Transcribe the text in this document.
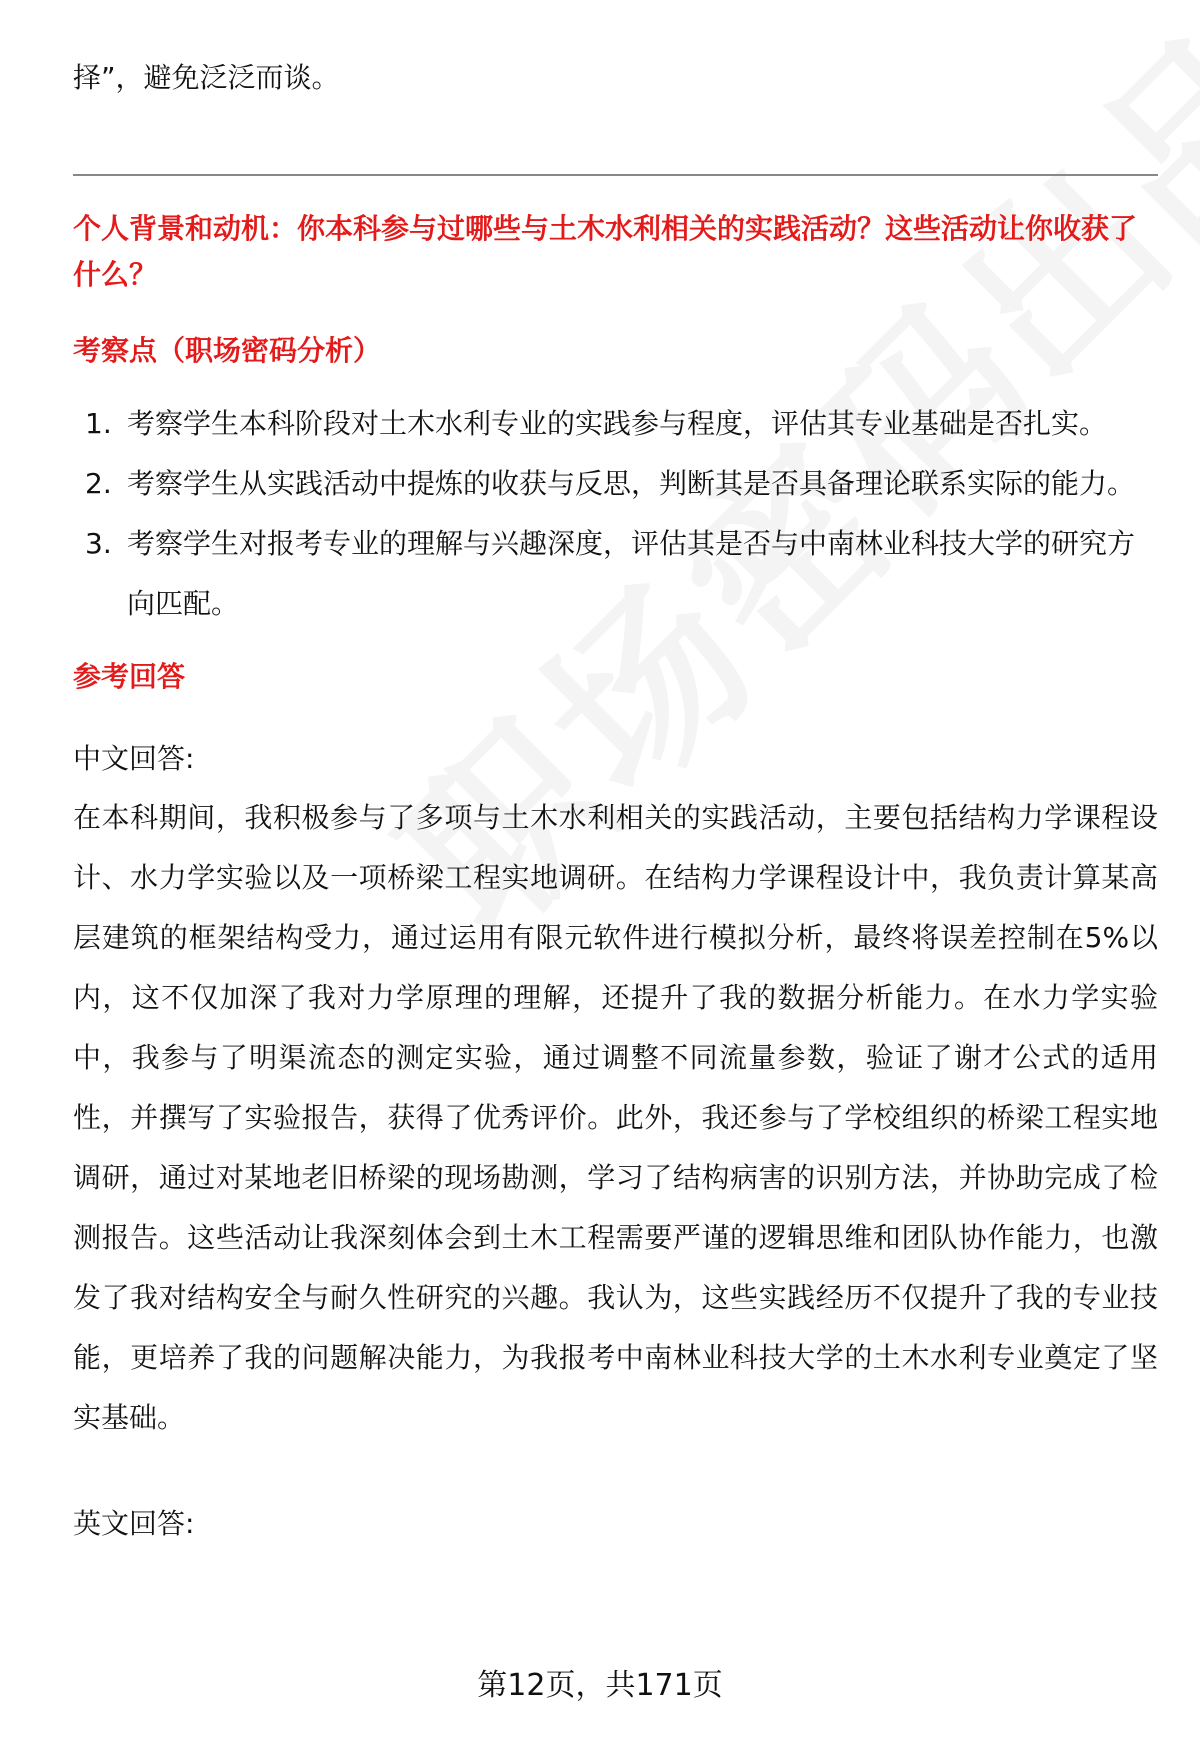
择”，避免泛泛而谈。

个人背景和动机：你本科参与过哪些与土木水利相关的实践活动？这些活动让你收获了什么？
考察点（职场密码分析）
1. 考察学生本科阶段对土木水利专业的实践参与程度，评估其专业基础是否扎实。
2. 考察学生从实践活动中提炼的收获与反思，判断其是否具备理论联系实际的能力。
3. 考察学生对报考专业的理解与兴趣深度，评估其是否与中南林业科技大学的研究方向匹配。
参考回答

中文回答:

在本科期间，我积极参与了多项与土木水利相关的实践活动，主要包括结构力学课程设计、水力学实验以及一项桥梁工程实地调研。在结构力学课程设计中，我负责计算某高层建筑的框架结构受力，通过运用有限元软件进行模拟分析，最终将误差控制在5%以内，这不仅加深了我对力学原理的理解，还提升了我的数据分析能力。在水力学实验中，我参与了明渠流态的测定实验，通过调整不同流量参数，验证了谢才公式的适用性，并撰写了实验报告，获得了优秀评价。此外，我还参与了学校组织的桥梁工程实地调研，通过对某地老旧桥梁的现场勘测，学习了结构病害的识别方法，并协助完成了检测报告。这些活动让我深刻体会到土木工程需要严谨的逻辑思维和团队协作能力，也激发了我对结构安全与耐久性研究的兴趣。我认为，这些实践经历不仅提升了我的专业技能，更培养了我的问题解决能力，为我报考中南林业科技大学的土木水利专业奠定了坚实基础。

英文回答:

第12页，共171页
